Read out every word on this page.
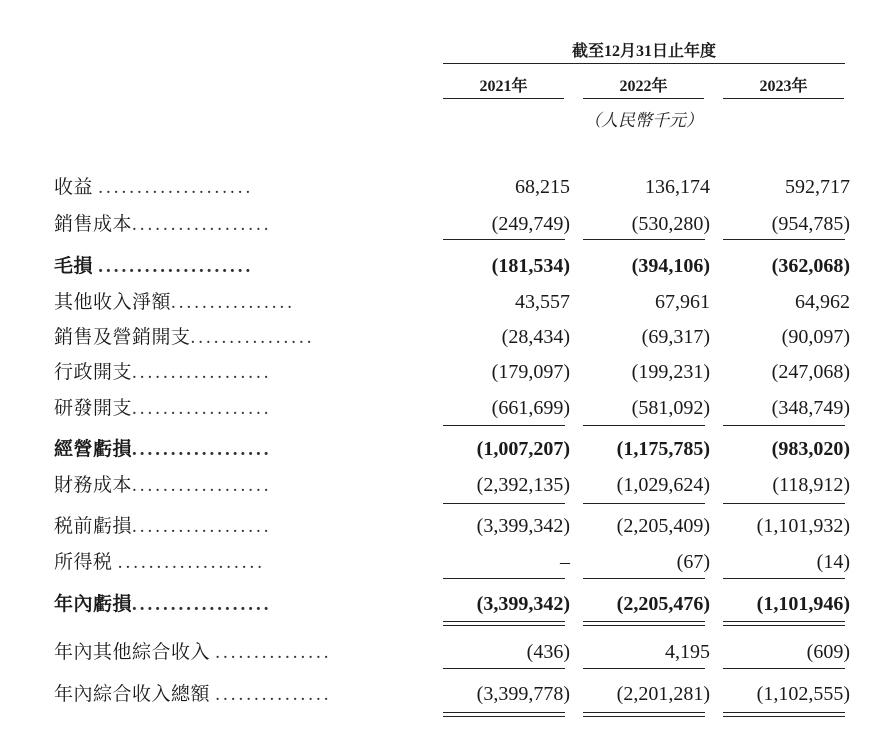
截至12月31日止年度
2021年	2022年	2023年
（人民幣千元）
收益 ....................	68,215	136,174	592,717
銷售成本..................	(249,749)	(530,280)	(954,785)
毛損 ....................	(181,534)	(394,106)	(362,068)
其他收入淨額................	43,557	67,961	64,962
銷售及營銷開支................	(28,434)	(69,317)	(90,097)
行政開支..................	(179,097)	(199,231)	(247,068)
研發開支..................	(661,699)	(581,092)	(348,749)
經營虧損..................	(1,007,207)	(1,175,785)	(983,020)
財務成本..................	(2,392,135)	(1,029,624)	(118,912)
税前虧損..................	(3,399,342)	(2,205,409)	(1,101,932)
所得税 ...................	–	(67)	(14)
年內虧損..................	(3,399,342)	(2,205,476)	(1,101,946)
年內其他綜合收入 ...............	(436)	4,195	(609)
年內綜合收入總額 ...............	(3,399,778)	(2,201,281)	(1,102,555)
